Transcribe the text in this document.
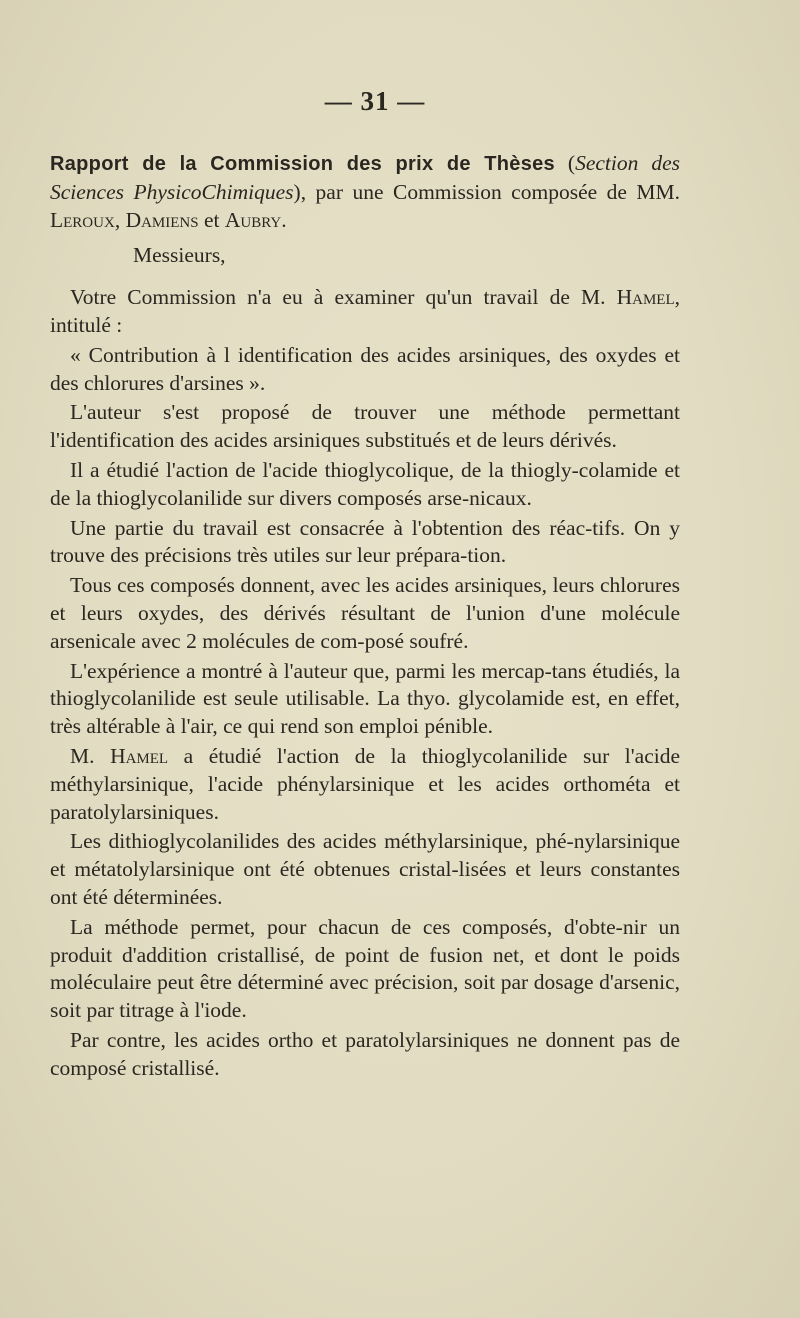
— 31 —

Rapport de la Commission des prix de Thèses (Section des Sciences PhysicoChimiques), par une Commission composée de MM. Leroux, Damiens et Aubry.

Messieurs,

Votre Commission n'a eu à examiner qu'un travail de M. Hamel, intitulé :

« Contribution à l identification des acides arsiniques, des oxydes et des chlorures d'arsines ».

L'auteur s'est proposé de trouver une méthode permettant l'identification des acides arsiniques substitués et de leurs dérivés.

Il a étudié l'action de l'acide thioglycolique, de la thiogly-colamide et de la thioglycolanilide sur divers composés arse-nicaux.

Une partie du travail est consacrée à l'obtention des réac-tifs. On y trouve des précisions très utiles sur leur prépara-tion.

Tous ces composés donnent, avec les acides arsiniques, leurs chlorures et leurs oxydes, des dérivés résultant de l'union d'une molécule arsenicale avec 2 molécules de com-posé soufré.

L'expérience a montré à l'auteur que, parmi les mercap-tans étudiés, la thioglycolanilide est seule utilisable. La thyo. glycolamide est, en effet, très altérable à l'air, ce qui rend son emploi pénible.

M. Hamel a étudié l'action de la thioglycolanilide sur l'acide méthylarsinique, l'acide phénylarsinique et les acides orthométa et paratolylarsiniques.

Les dithioglycolanilides des acides méthylarsinique, phé-nylarsinique et métatolylarsinique ont été obtenues cristal-lisées et leurs constantes ont été déterminées.

La méthode permet, pour chacun de ces composés, d'obte-nir un produit d'addition cristallisé, de point de fusion net, et dont le poids moléculaire peut être déterminé avec précision, soit par dosage d'arsenic, soit par titrage à l'iode.

Par contre, les acides ortho et paratolylarsiniques ne donnent pas de composé cristallisé.
